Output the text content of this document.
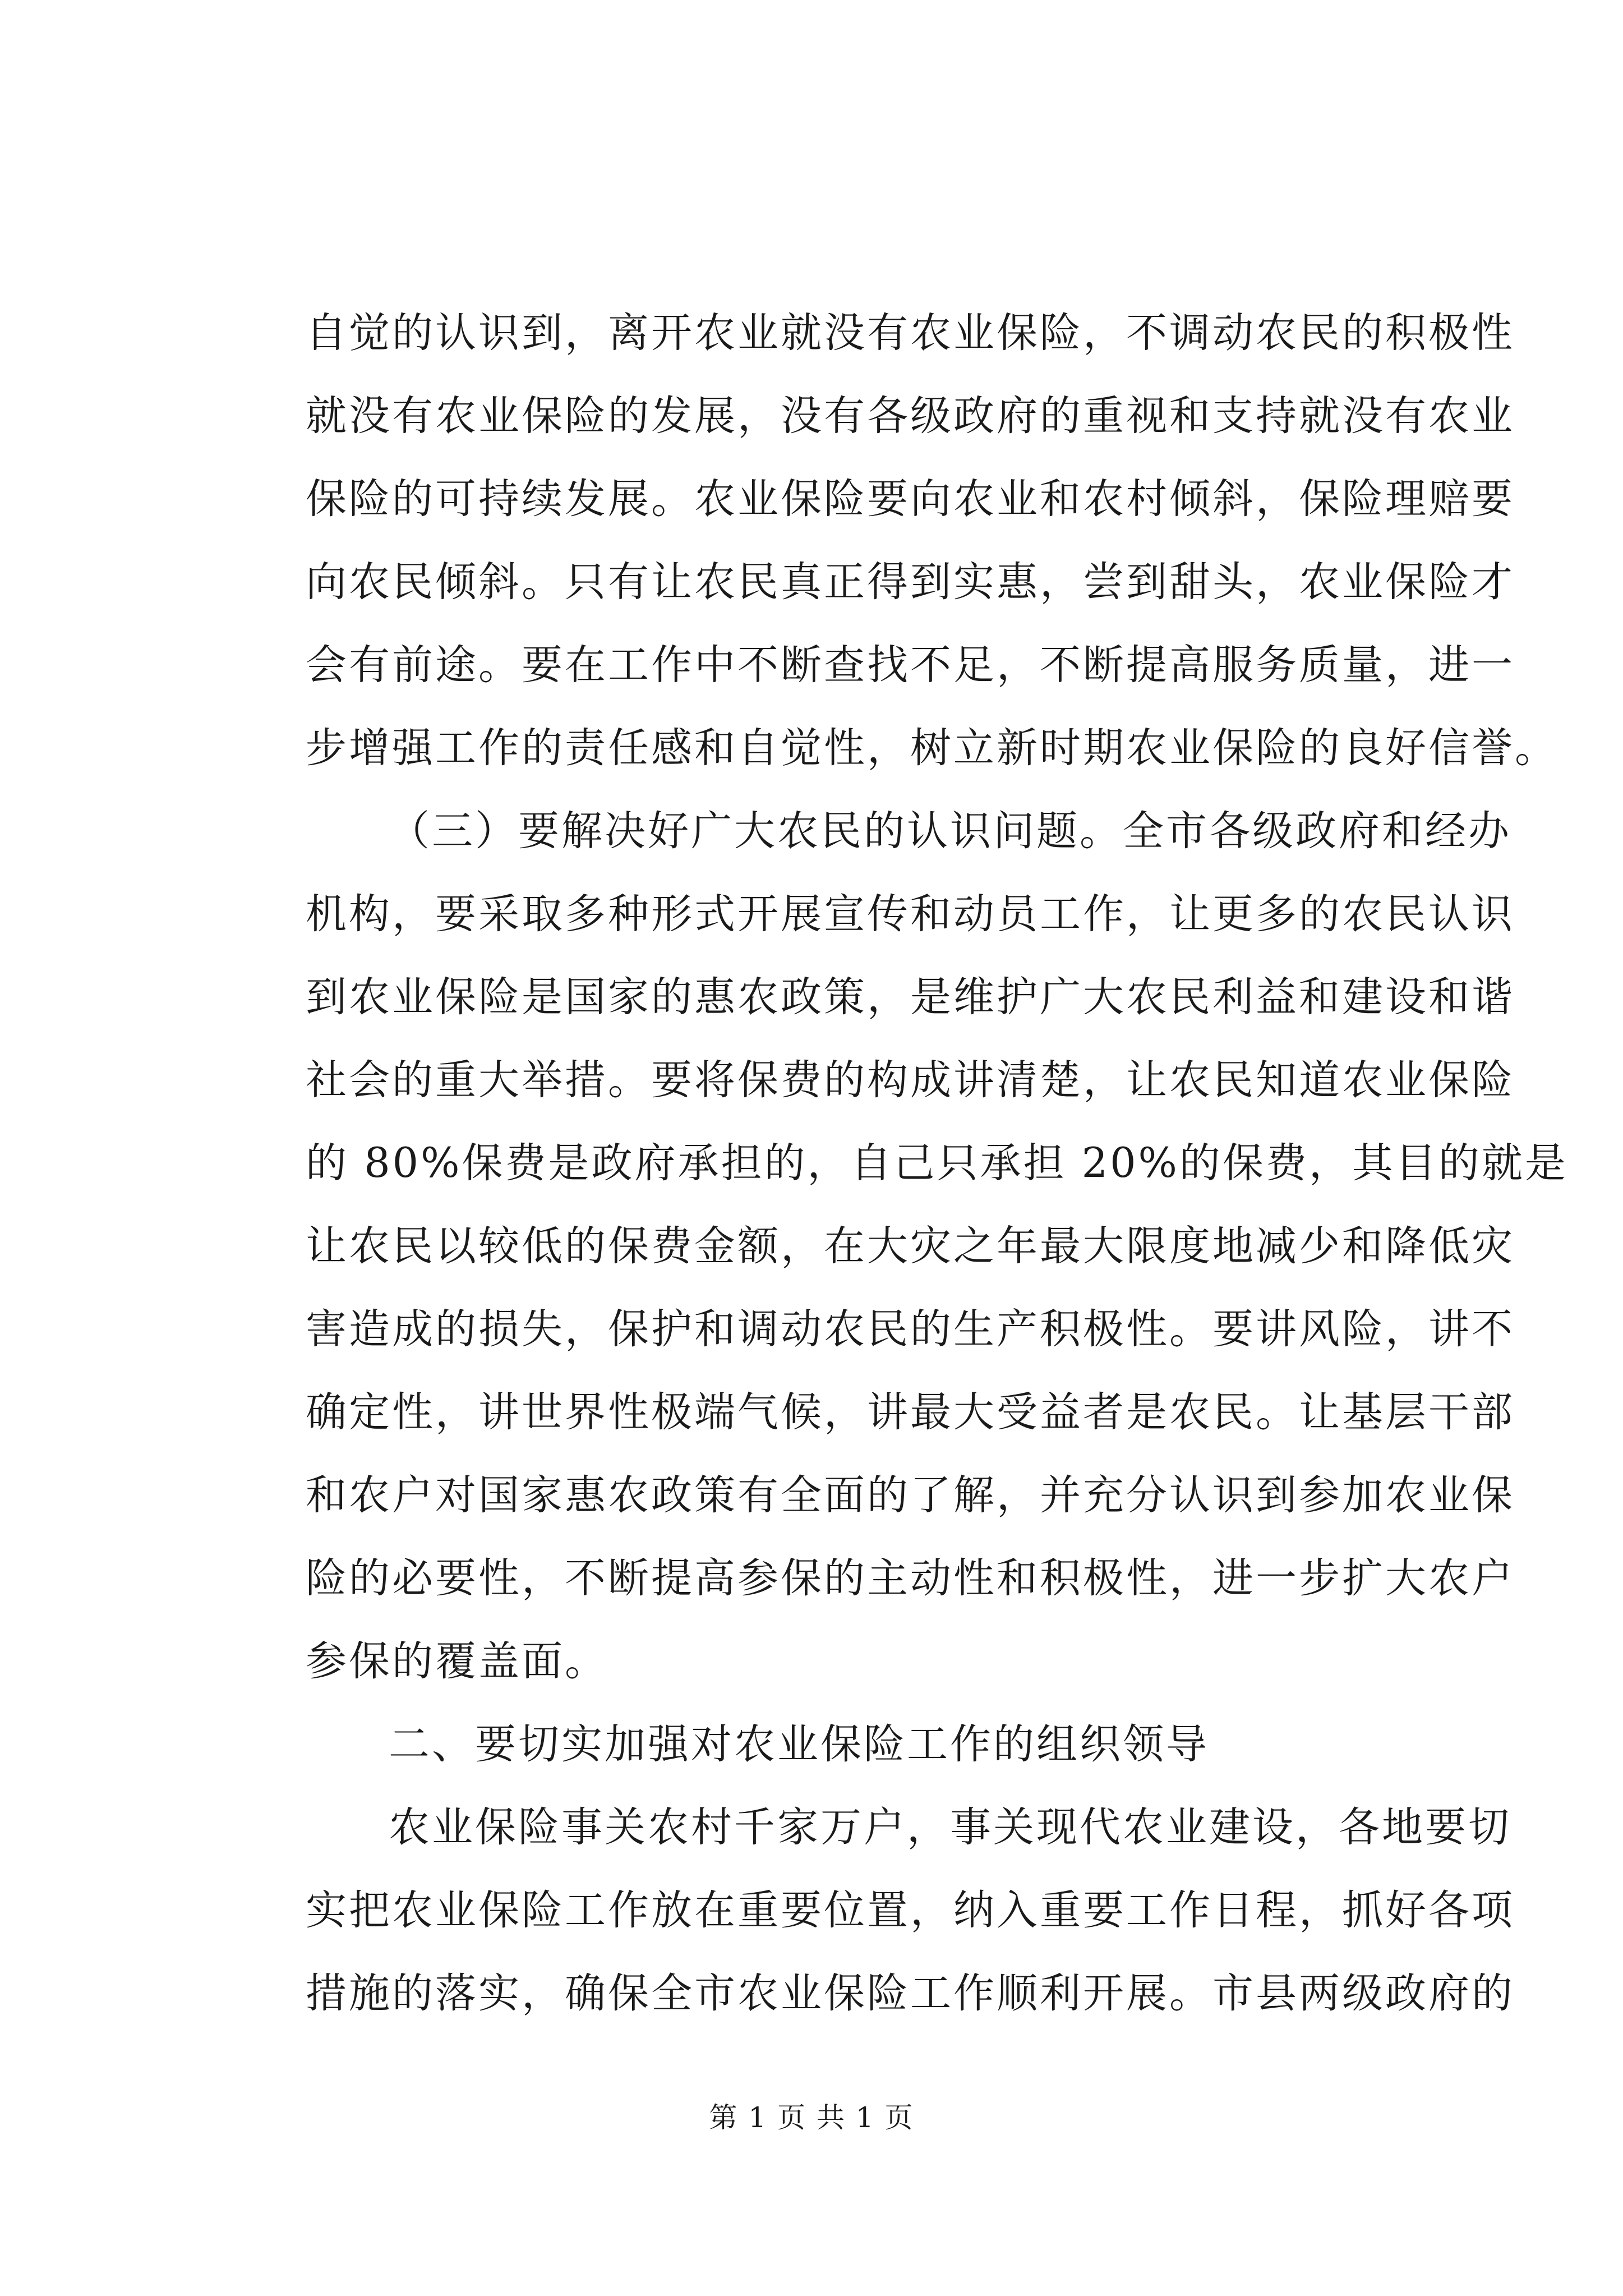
自觉的认识到，离开农业就没有农业保险，不调动农民的积极性
就没有农业保险的发展，没有各级政府的重视和支持就没有农业
保险的可持续发展。农业保险要向农业和农村倾斜，保险理赔要
向农民倾斜。只有让农民真正得到实惠，尝到甜头，农业保险才
会有前途。要在工作中不断查找不足，不断提高服务质量，进一
步增强工作的责任感和自觉性，树立新时期农业保险的良好信誉。
（三）要解决好广大农民的认识问题。全市各级政府和经办
机构，要采取多种形式开展宣传和动员工作，让更多的农民认识
到农业保险是国家的惠农政策，是维护广大农民利益和建设和谐
社会的重大举措。要将保费的构成讲清楚，让农民知道农业保险
的 80%保费是政府承担的，自己只承担 20%的保费，其目的就是
让农民以较低的保费金额，在大灾之年最大限度地减少和降低灾
害造成的损失，保护和调动农民的生产积极性。要讲风险，讲不
确定性，讲世界性极端气候，讲最大受益者是农民。让基层干部
和农户对国家惠农政策有全面的了解，并充分认识到参加农业保
险的必要性，不断提高参保的主动性和积极性，进一步扩大农户
参保的覆盖面。
二、要切实加强对农业保险工作的组织领导
农业保险事关农村千家万户，事关现代农业建设，各地要切
实把农业保险工作放在重要位置，纳入重要工作日程，抓好各项
措施的落实，确保全市农业保险工作顺利开展。市县两级政府的
第 1 页 共 1 页
